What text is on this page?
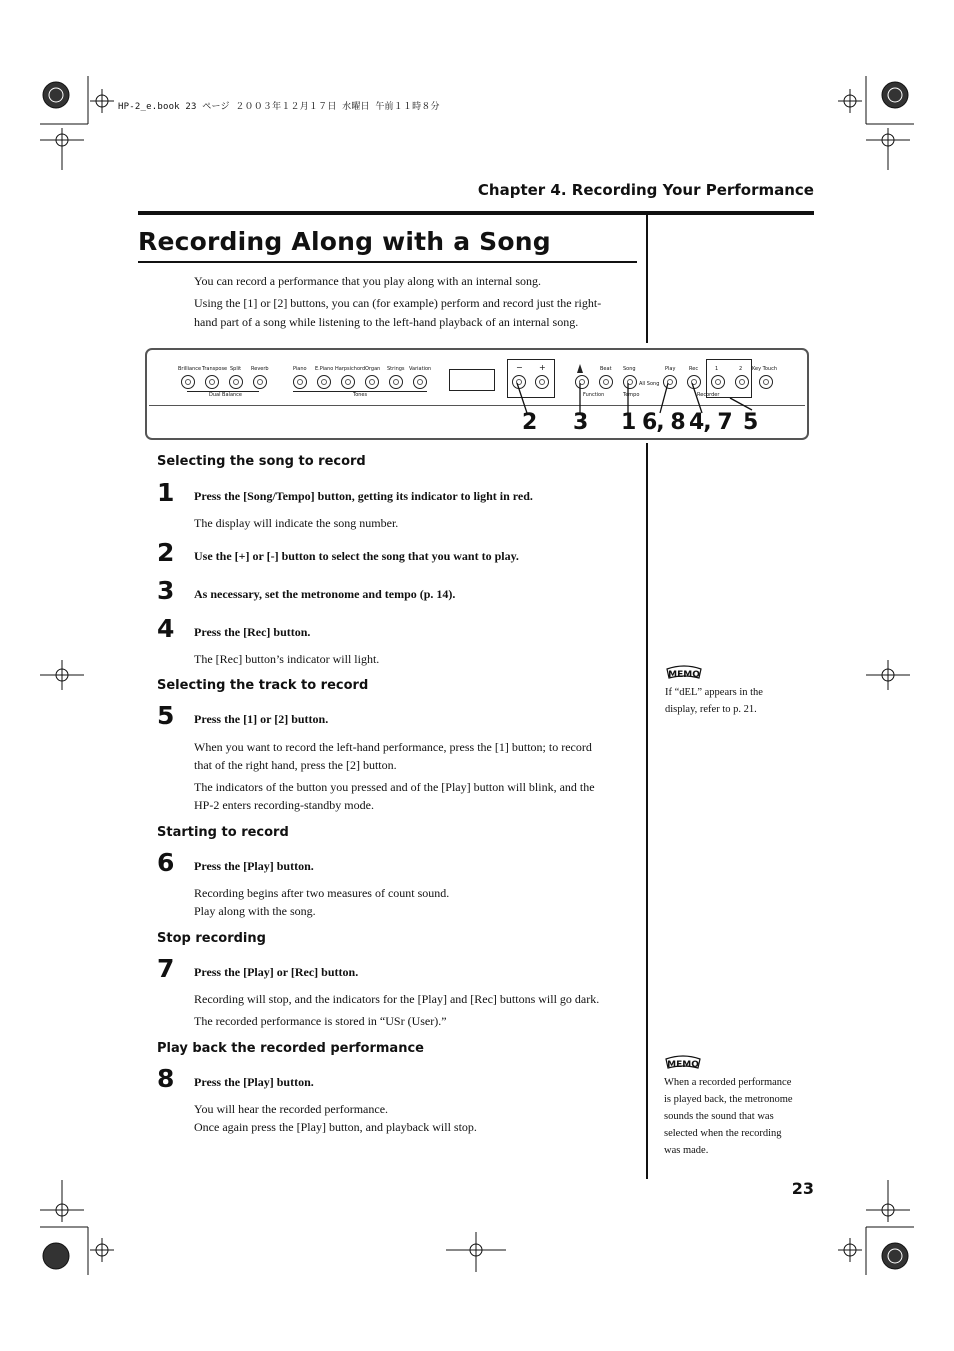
HP-2_e.book 23 ページ ２００３年１２月１７日 水曜日 午前１１時８分
Chapter 4. Recording Your Performance
Recording Along with a Song
You can record a performance that you play along with an internal song.
Using the [1] or [2] buttons, you can (for example) perform and record just the right-
hand part of a song while listening to the left-hand playback of an internal song.
Brilliance Transpose Split Reverb	Piano E.Piano Harpsichord Organ Strings Variation	− +	Beat Song	Play	Rec	1	2 Key Touch
Dual Balance	Tones	Function	Tempo
All Song
Recorder
2 3 1 6, 8 4, 7 5
Selecting the song to record
1 Press the [Song/Tempo] button, getting its indicator to light in red.
The display will indicate the song number.
2 Use the [+] or [-] button to select the song that you want to play.
3 As necessary, set the metronome and tempo (p. 14).
4 Press the [Rec] button.
The [Rec] button’s indicator will light.
Selecting the track to record
5 Press the [1] or [2] button.
When you want to record the left-hand performance, press the [1] button; to record
that of the right hand, press the [2] button.
The indicators of the button you pressed and of the [Play] button will blink, and the
HP-2 enters recording-standby mode.
Starting to record
6 Press the [Play] button.
Recording begins after two measures of count sound.
Play along with the song.
Stop recording
7 Press the [Play] or [Rec] button.
Recording will stop, and the indicators for the [Play] and [Rec] buttons will go dark.
The recorded performance is stored in “USr (User).”
Play back the recorded performance
8 Press the [Play] button.
You will hear the recorded performance.
Once again press the [Play] button, and playback will stop.
MEMO
If “dEL” appears in the
display, refer to p. 21.
MEMO
When a recorded performance
is played back, the metronome
sounds the sound that was
selected when the recording
was made.
23
